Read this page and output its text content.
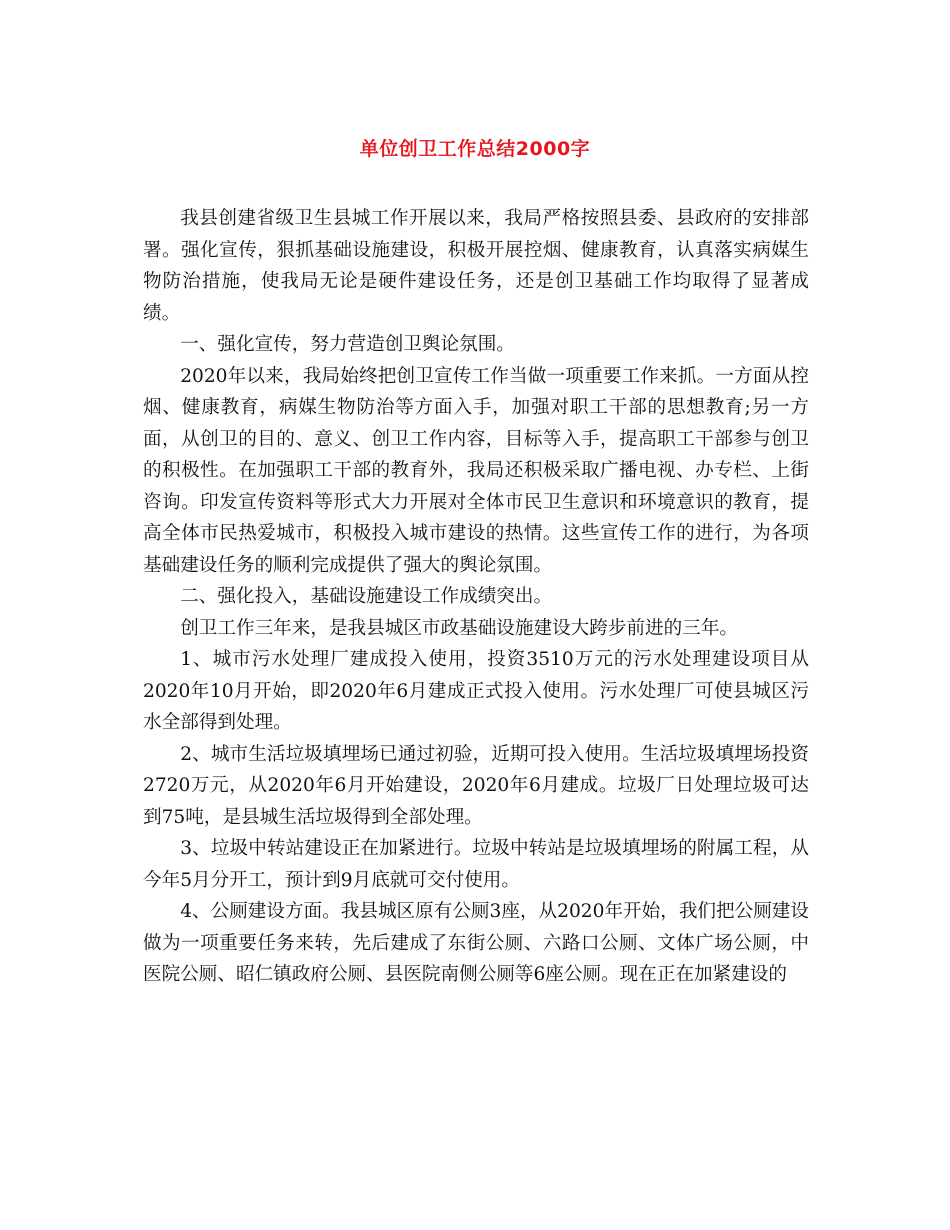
单位创卫工作总结2000字

我县创建省级卫生县城工作开展以来，我局严格按照县委、县政府的安排部署。强化宣传，狠抓基础设施建设，积极开展控烟、健康教育，认真落实病媒生物防治措施，使我局无论是硬件建设任务，还是创卫基础工作均取得了显著成绩。

一、强化宣传，努力营造创卫舆论氛围。

2020年以来，我局始终把创卫宣传工作当做一项重要工作来抓。一方面从控烟、健康教育，病媒生物防治等方面入手，加强对职工干部的思想教育;另一方面，从创卫的目的、意义、创卫工作内容，目标等入手，提高职工干部参与创卫的积极性。在加强职工干部的教育外，我局还积极采取广播电视、办专栏、上街咨询。印发宣传资料等形式大力开展对全体市民卫生意识和环境意识的教育，提高全体市民热爱城市，积极投入城市建设的热情。这些宣传工作的进行，为各项基础建设任务的顺利完成提供了强大的舆论氛围。

二、强化投入，基础设施建设工作成绩突出。

创卫工作三年来，是我县城区市政基础设施建设大跨步前进的三年。

1、城市污水处理厂建成投入使用，投资3510万元的污水处理建设项目从2020年10月开始，即2020年6月建成正式投入使用。污水处理厂可使县城区污水全部得到处理。

2、城市生活垃圾填埋场已通过初验，近期可投入使用。生活垃圾填埋场投资2720万元，从2020年6月开始建设，2020年6月建成。垃圾厂日处理垃圾可达到75吨，是县城生活垃圾得到全部处理。

3、垃圾中转站建设正在加紧进行。垃圾中转站是垃圾填埋场的附属工程，从今年5月分开工，预计到9月底就可交付使用。

4、公厕建设方面。我县城区原有公厕3座，从2020年开始，我们把公厕建设做为一项重要任务来转，先后建成了东街公厕、六路口公厕、文体广场公厕，中医院公厕、昭仁镇政府公厕、县医院南侧公厕等6座公厕。现在正在加紧建设的
